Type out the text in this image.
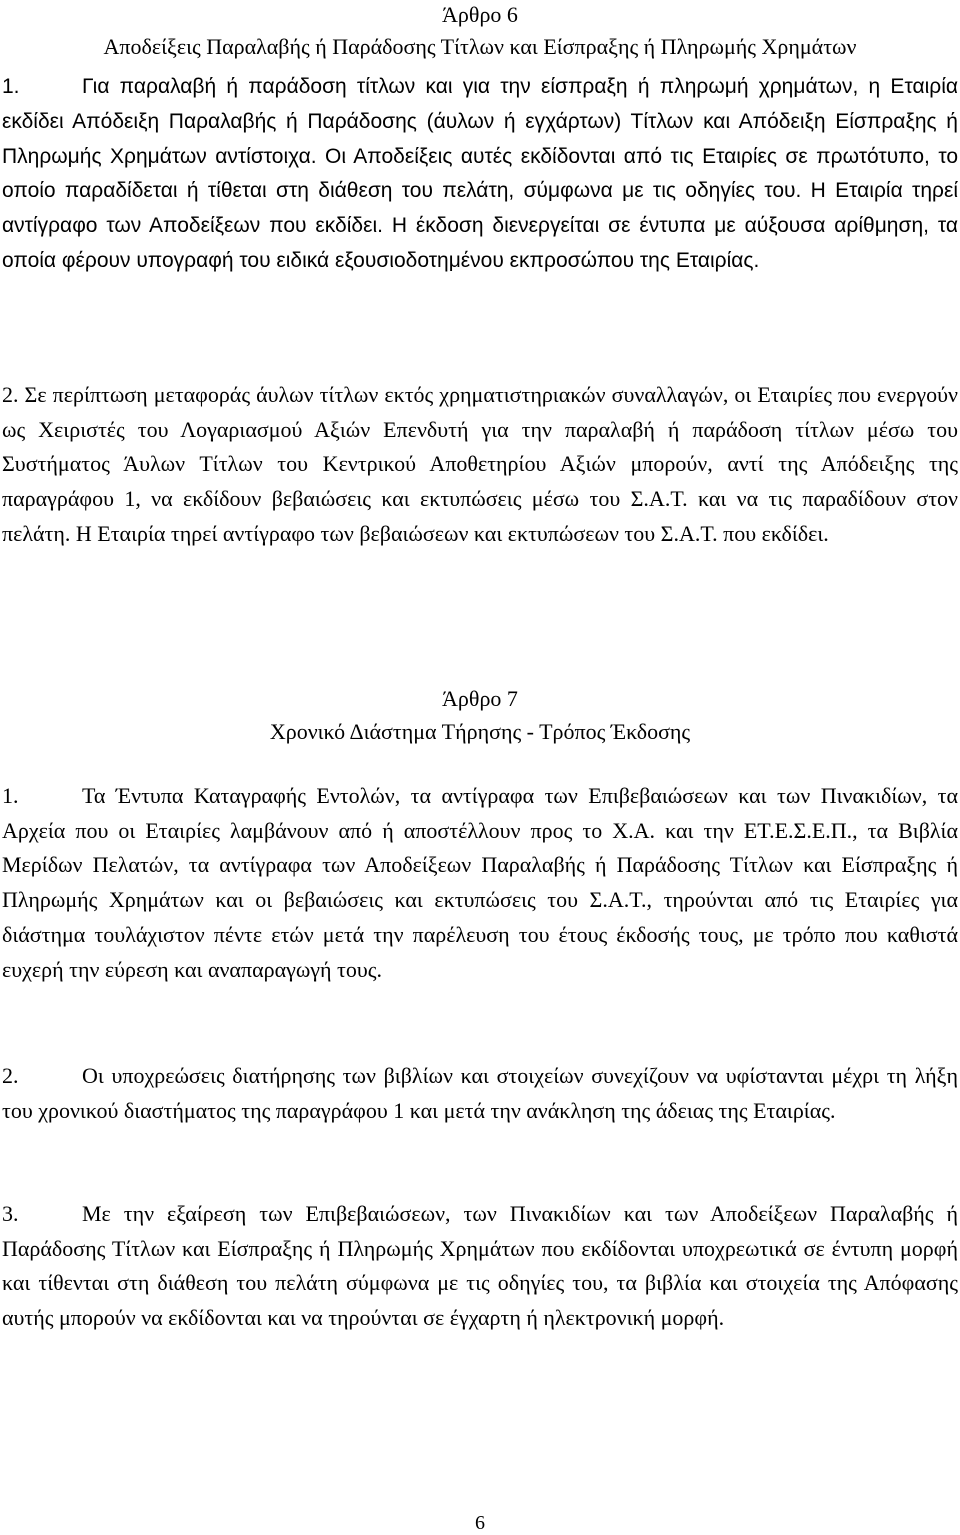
Άρθρο 6

Αποδείξεις Παραλαβής ή Παράδοσης Τίτλων και Είσπραξης ή Πληρωμής Χρημάτων

1.	Για παραλαβή ή παράδοση τίτλων και για την είσπραξη ή πληρωμή χρημάτων, η Εταιρία εκδίδει Απόδειξη Παραλαβής ή Παράδοσης (άυλων ή εγχάρτων) Τίτλων και Απόδειξη Είσπραξης ή Πληρωμής Χρημάτων αντίστοιχα. Οι Αποδείξεις αυτές εκδίδονται από τις Εταιρίες σε πρωτότυπο, το οποίο παραδίδεται ή τίθεται στη διάθεση του πελάτη, σύμφωνα με τις οδηγίες του. Η Εταιρία τηρεί αντίγραφο των Αποδείξεων που εκδίδει. Η έκδοση διενεργείται σε έντυπα με αύξουσα αρίθμηση, τα οποία φέρουν υπογραφή του ειδικά εξουσιοδοτημένου εκπροσώπου της Εταιρίας.

2. Σε περίπτωση μεταφοράς άυλων τίτλων εκτός χρηματιστηριακών συναλλαγών, οι Εταιρίες που ενεργούν ως Χειριστές του Λογαριασμού Αξιών Επενδυτή για την παραλαβή ή παράδοση τίτλων μέσω του Συστήματος Άυλων Τίτλων του Κεντρικού Αποθετηρίου Αξιών μπορούν, αντί της Απόδειξης της παραγράφου 1, να εκδίδουν βεβαιώσεις και εκτυπώσεις μέσω του Σ.Α.Τ. και να τις παραδίδουν στον πελάτη. Η Εταιρία τηρεί αντίγραφο των βεβαιώσεων και εκτυπώσεων του Σ.Α.Τ. που εκδίδει.

Άρθρο 7

Χρονικό Διάστημα Τήρησης - Τρόπος Έκδοσης

1.	Τα Έντυπα Καταγραφής Εντολών, τα αντίγραφα των Επιβεβαιώσεων και των Πινακιδίων, τα Αρχεία που οι Εταιρίες λαμβάνουν από ή αποστέλλουν προς το Χ.Α. και την ΕΤ.Ε.Σ.Ε.Π., τα Βιβλία Μερίδων Πελατών, τα αντίγραφα των Αποδείξεων Παραλαβής ή Παράδοσης Τίτλων και Είσπραξης ή Πληρωμής Χρημάτων και οι βεβαιώσεις και εκτυπώσεις του Σ.Α.Τ., τηρούνται από τις Εταιρίες για διάστημα τουλάχιστον πέντε ετών μετά την παρέλευση του έτους έκδοσής τους, με τρόπο που καθιστά ευχερή την εύρεση και αναπαραγωγή τους.

2.	Οι υποχρεώσεις διατήρησης των βιβλίων και στοιχείων συνεχίζουν να υφίστανται μέχρι τη λήξη του χρονικού διαστήματος της παραγράφου 1 και μετά την ανάκληση της άδειας της Εταιρίας.

3.	Με την εξαίρεση των Επιβεβαιώσεων, των Πινακιδίων και των Αποδείξεων Παραλαβής ή Παράδοσης Τίτλων και Είσπραξης ή Πληρωμής Χρημάτων που εκδίδονται υποχρεωτικά σε έντυπη μορφή και τίθενται στη διάθεση του πελάτη σύμφωνα με τις οδηγίες του, τα βιβλία και στοιχεία της Απόφασης αυτής μπορούν να εκδίδονται και να τηρούνται σε έγχαρτη ή ηλεκτρονική μορφή.

6
